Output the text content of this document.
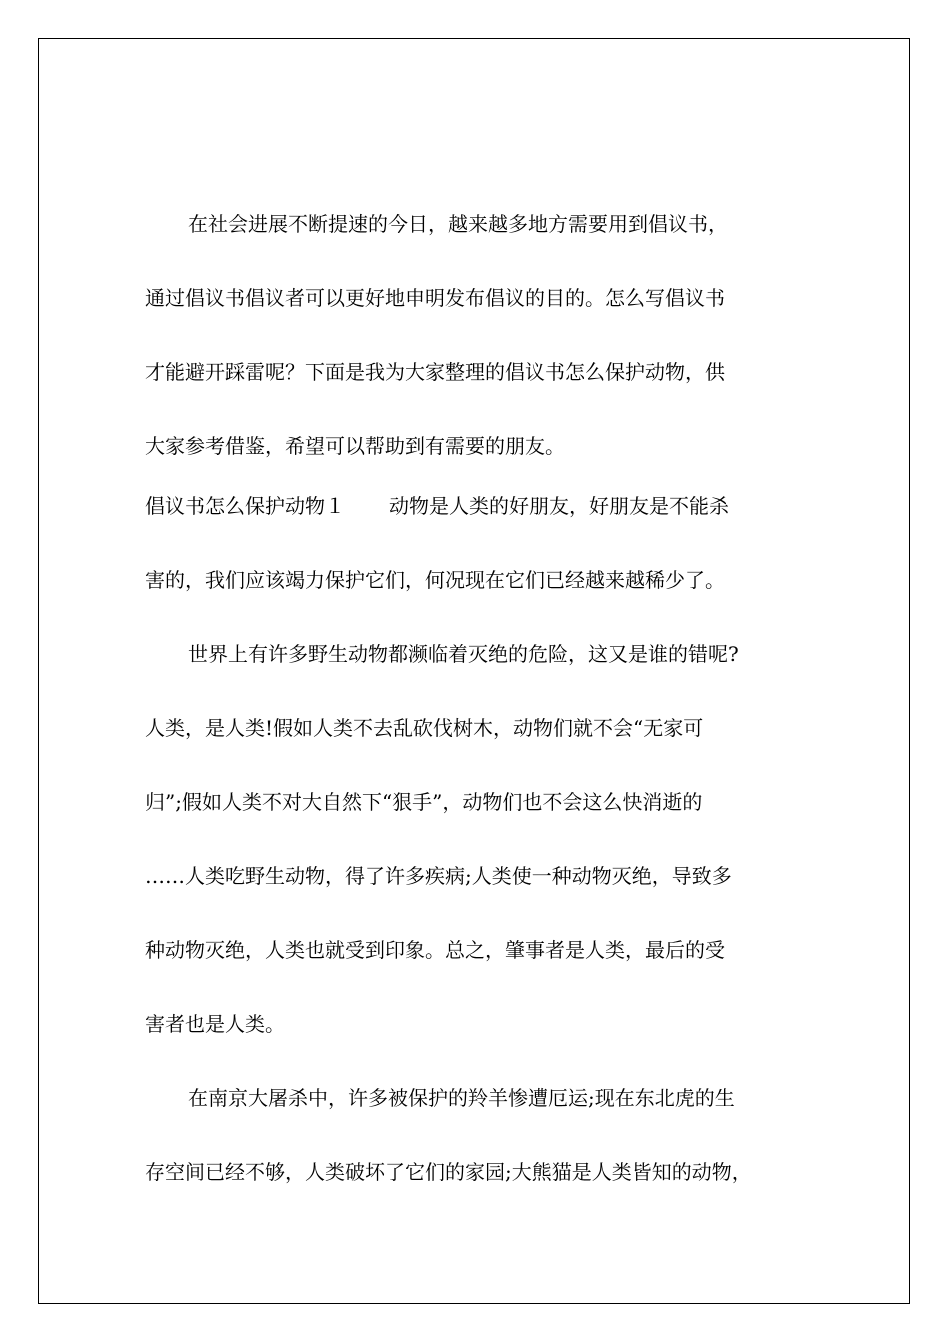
在社会进展不断提速的今日，越来越多地方需要用到倡议书，
通过倡议书倡议者可以更好地申明发布倡议的目的。怎么写倡议书
才能避开踩雷呢？下面是我为大家整理的倡议书怎么保护动物，供
大家参考借鉴，希望可以帮助到有需要的朋友。
倡议书怎么保护动物１ 动物是人类的好朋友，好朋友是不能杀
害的，我们应该竭力保护它们，何况现在它们已经越来越稀少了。
世界上有许多野生动物都濒临着灭绝的危险，这又是谁的错呢?
人类，是人类!假如人类不去乱砍伐树木，动物们就不会“无家可
归”;假如人类不对大自然下“狠手”，动物们也不会这么快消逝的
……人类吃野生动物，得了许多疾病;人类使一种动物灭绝，导致多
种动物灭绝，人类也就受到印象。总之，肇事者是人类，最后的受
害者也是人类。
在南京大屠杀中，许多被保护的羚羊惨遭厄运;现在东北虎的生
存空间已经不够，人类破坏了它们的家园;大熊猫是人类皆知的动物，
